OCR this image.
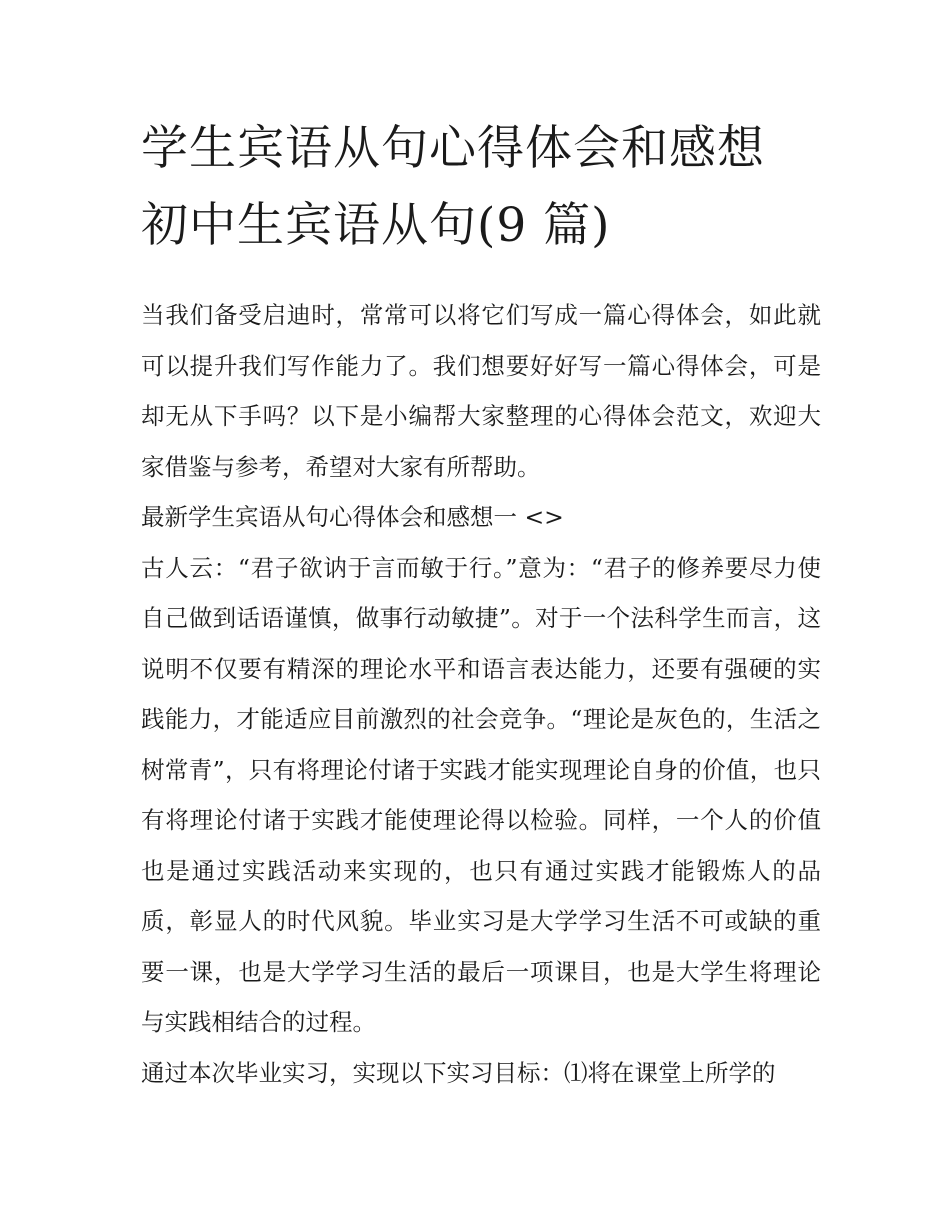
学生宾语从句心得体会和感想
初中生宾语从句(9 篇)

当我们备受启迪时，常常可以将它们写成一篇心得体会，如此就可以提升我们写作能力了。我们想要好好写一篇心得体会，可是却无从下手吗？以下是小编帮大家整理的心得体会范文，欢迎大家借鉴与参考，希望对大家有所帮助。

最新学生宾语从句心得体会和感想一 <>

古人云：“君子欲讷于言而敏于行。”意为：“君子的修养要尽力使自己做到话语谨慎，做事行动敏捷”。对于一个法科学生而言，这说明不仅要有精深的理论水平和语言表达能力，还要有强硬的实践能力，才能适应目前激烈的社会竞争。“理论是灰色的，生活之树常青”，只有将理论付诸于实践才能实现理论自身的价值，也只有将理论付诸于实践才能使理论得以检验。同样，一个人的价值也是通过实践活动来实现的，也只有通过实践才能锻炼人的品质，彰显人的时代风貌。毕业实习是大学学习生活不可或缺的重要一课，也是大学学习生活的最后一项课目，也是大学生将理论与实践相结合的过程。

通过本次毕业实习，实现以下实习目标：⑴将在课堂上所学的
